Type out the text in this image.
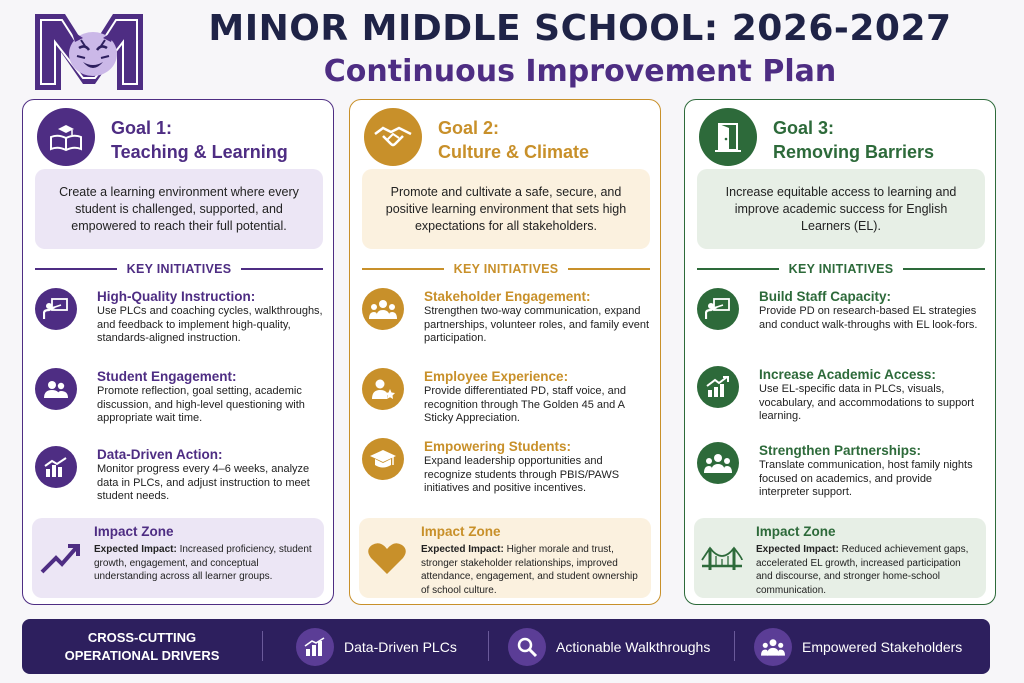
MINOR MIDDLE SCHOOL: 2026-2027
Continuous Improvement Plan
Goal 1:
Teaching & Learning
Create a learning environment where every student is challenged, supported, and empowered to reach their full potential.
KEY INITIATIVES
High-Quality Instruction:
Use PLCs and coaching cycles, walkthroughs, and feedback to implement high-quality, standards-aligned instruction.
Student Engagement:
Promote reflection, goal setting, academic discussion, and high-level questioning with appropriate wait time.
Data-Driven Action:
Monitor progress every 4–6 weeks, analyze data in PLCs, and adjust instruction to meet student needs.
Impact Zone
Expected Impact: Increased proficiency, student growth, engagement, and conceptual understanding across all learner groups.
Goal 2:
Culture & Climate
Promote and cultivate a safe, secure, and positive learning environment that sets high expectations for all stakeholders.
KEY INITIATIVES
Stakeholder Engagement:
Strengthen two-way communication, expand partnerships, volunteer roles, and family event participation.
Employee Experience:
Provide differentiated PD, staff voice, and recognition through The Golden 45 and A Sticky Appreciation.
Empowering Students:
Expand leadership opportunities and recognize students through PBIS/PAWS initiatives and positive incentives.
Impact Zone
Expected Impact: Higher morale and trust, stronger stakeholder relationships, improved attendance, engagement, and student ownership of school culture.
Goal 3:
Removing Barriers
Increase equitable access to learning and improve academic success for English Learners (EL).
KEY INITIATIVES
Build Staff Capacity:
Provide PD on research-based EL strategies and conduct walk-throughs with EL look-fors.
Increase Academic Access:
Use EL-specific data in PLCs, visuals, vocabulary, and accommodations to support learning.
Strengthen Partnerships:
Translate communication, host family nights focused on academics, and provide interpreter support.
Impact Zone
Expected Impact: Reduced achievement gaps, accelerated EL growth, increased participation and discourse, and stronger home-school communication.
CROSS-CUTTING
OPERATIONAL DRIVERS
Data-Driven PLCs	Actionable Walkthroughs	Empowered Stakeholders
